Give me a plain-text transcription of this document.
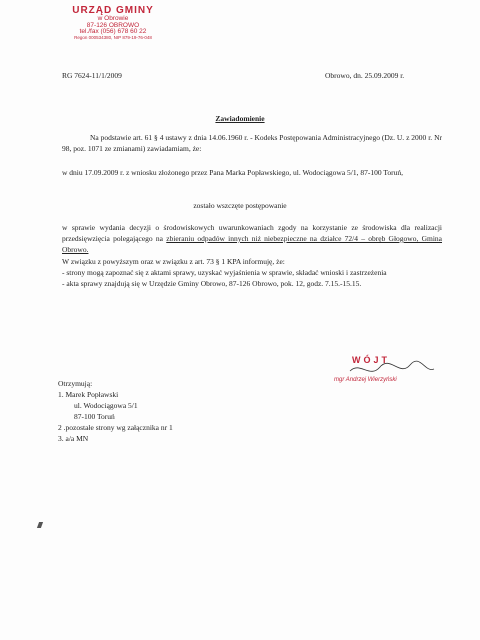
URZĄD GMINY
w Obrowie
87-126 OBROWO
tel./fax (056) 678 60 22
Regon 000534380, NIP 879-19-76-048
RG 7624-11/1/2009	Obrowo, dn. 25.09.2009 r.
Zawiadomienie
Na podstawie art. 61 § 4 ustawy z dnia 14.06.1960 r. - Kodeks Postępowania Administracyjnego (Dz. U. z 2000 r. Nr 98, poz. 1071 ze zmianami) zawiadamiam, że:
w dniu 17.09.2009 r. z wniosku złożonego przez Pana Marka Popławskiego, ul. Wodociągowa 5/1, 87-100 Toruń,
zostało wszczęte postępowanie
w sprawie wydania decyzji o środowiskowych uwarunkowaniach zgody na korzystanie ze środowiska dla realizacji przedsięwzięcia polegającego na zbieraniu odpadów innych niż niebezpieczne na działce 72/4 – obręb Głogowo, Gmina Obrowo.
W związku z powyższym oraz w związku z art. 73 § 1 KPA informuję, że:
- strony mogą zapoznać się z aktami sprawy, uzyskać wyjaśnienia w sprawie, składać wnioski i zastrzeżenia
- akta sprawy znajdują się w Urzędzie Gminy Obrowo, 87-126 Obrowo, pok. 12, godz. 7.15.-15.15.
Otrzymują:
1. Marek Popławski
ul. Wodociągowa 5/1
87-100 Toruń
2 .pozostałe strony wg załącznika nr 1
3. a/a MN
WÓJT
mgr Andrzej Wierzyński
